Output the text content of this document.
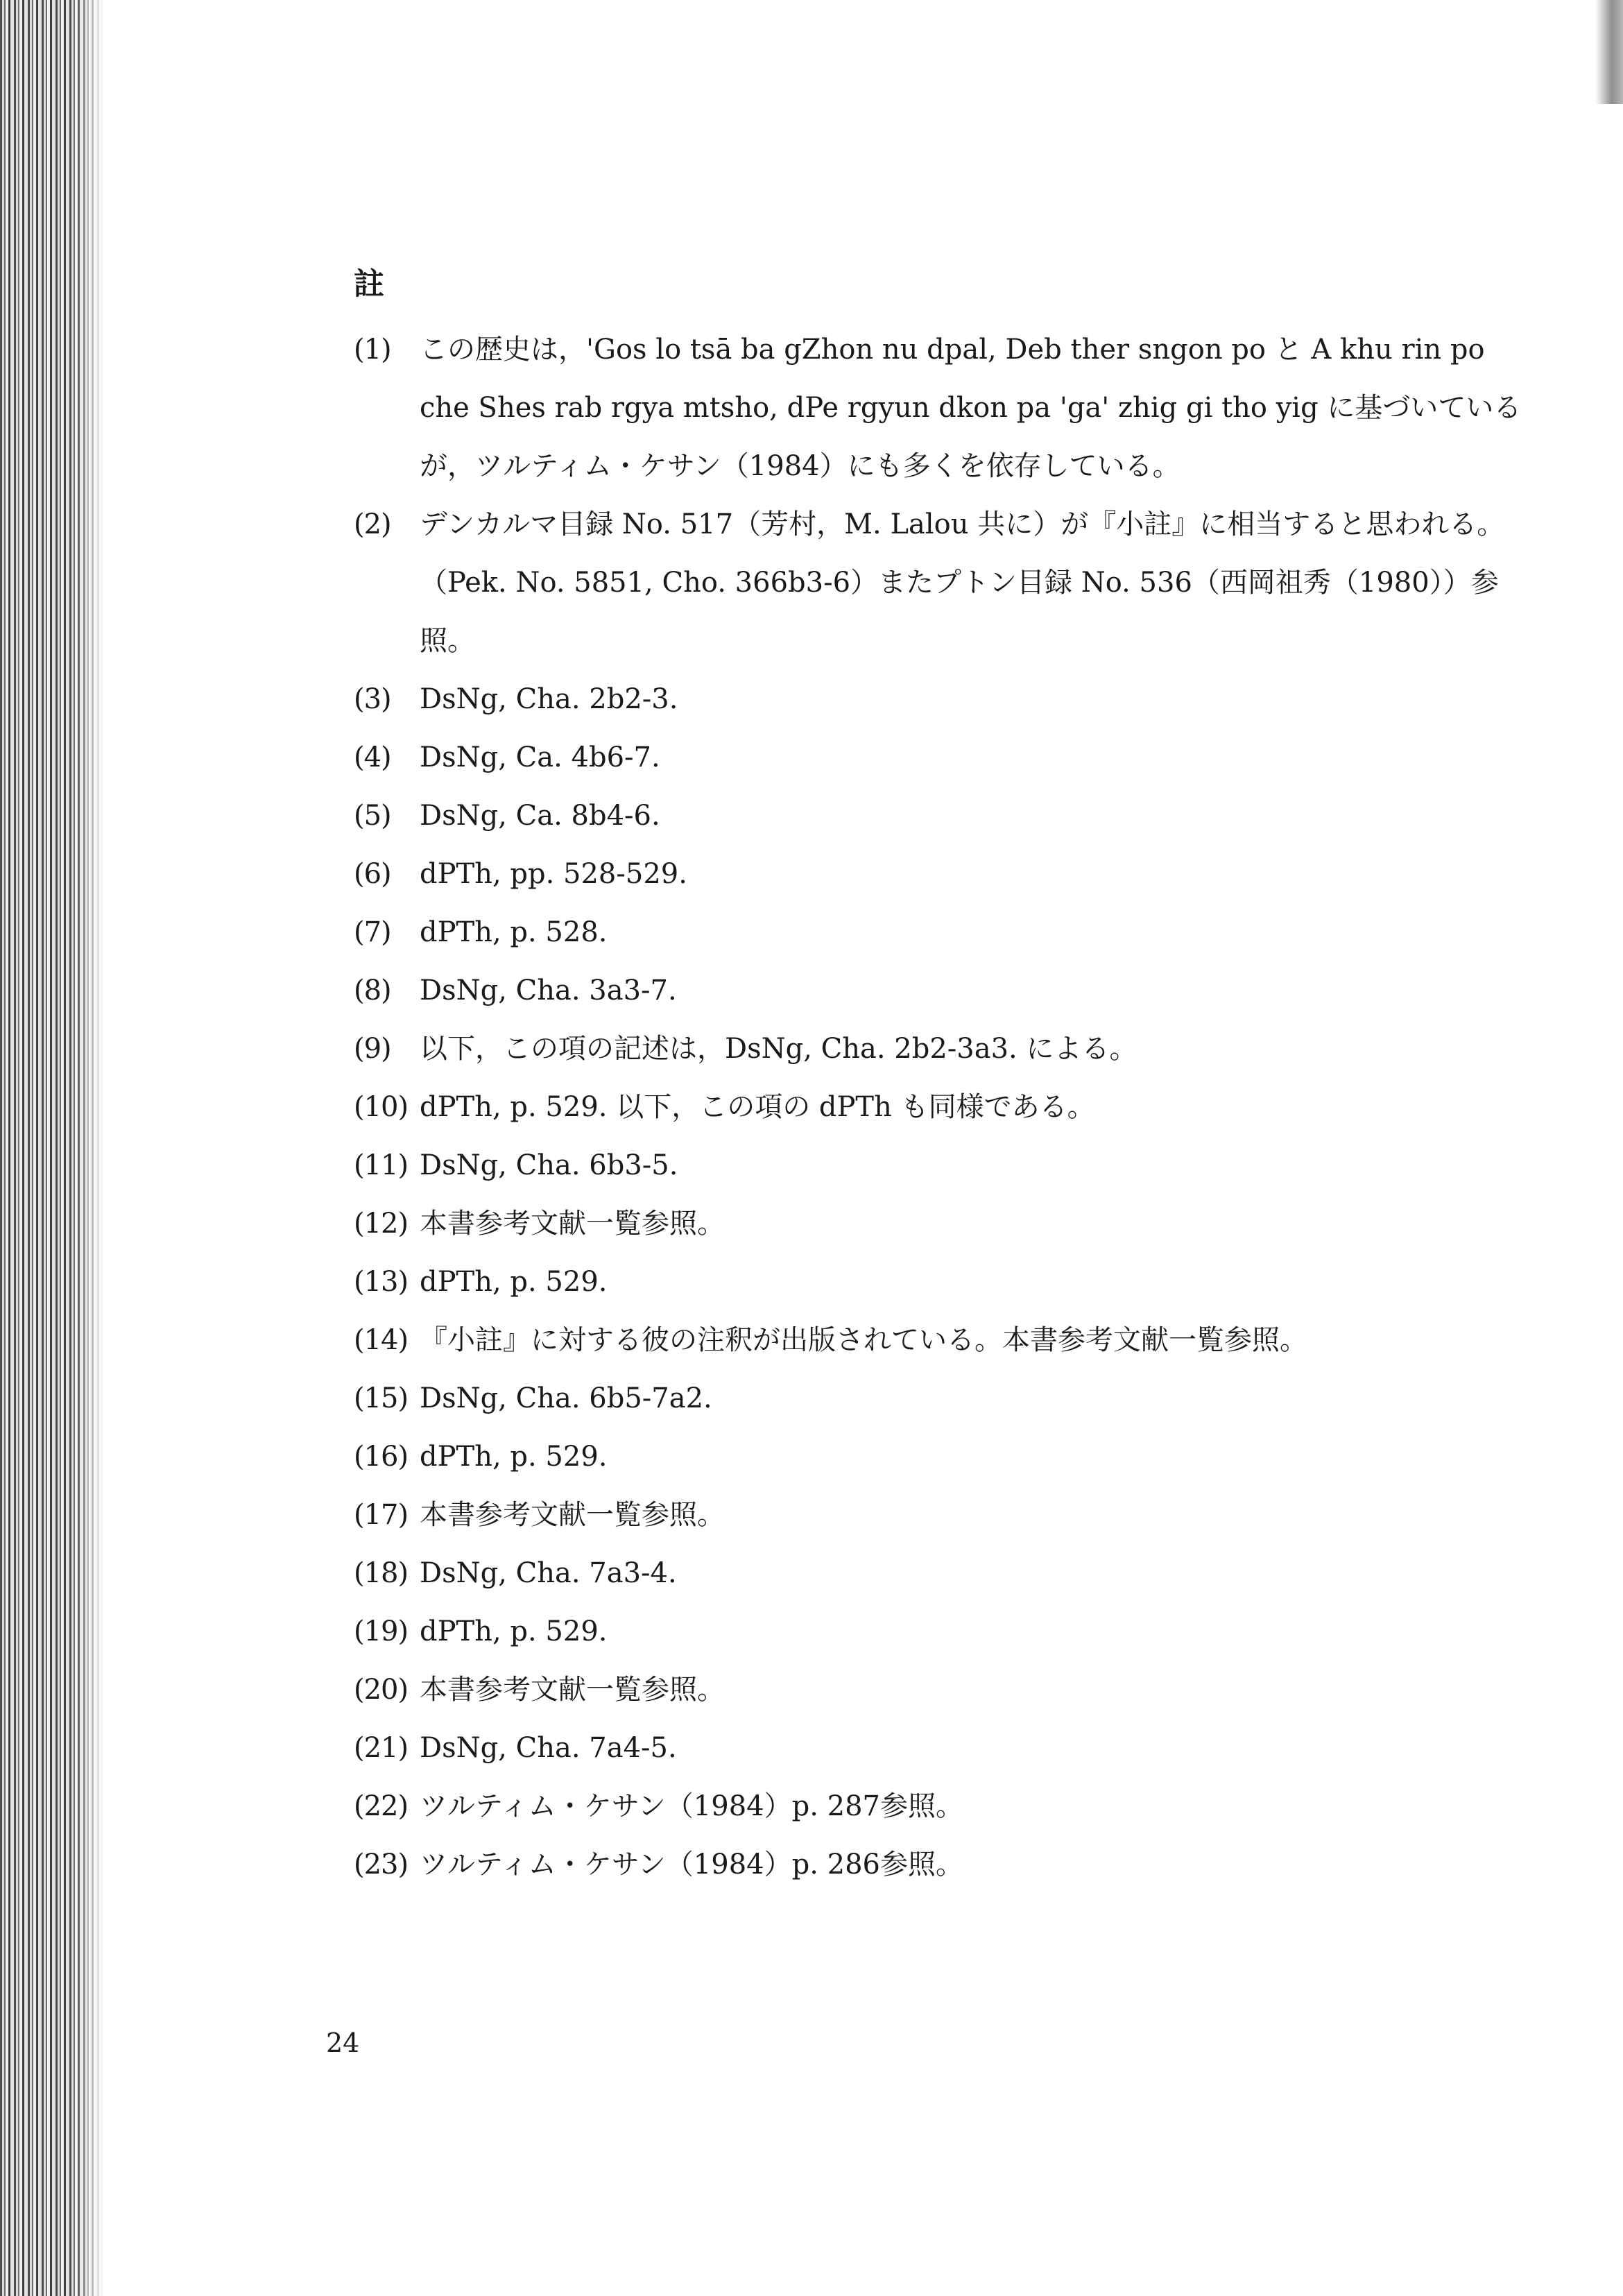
註
(1)	この歴史は，'Gos lo tsā ba gZhon nu dpal, Deb ther sngon po と A khu rin po che Shes rab rgya mtsho, dPe rgyun dkon pa 'ga' zhig gi tho yig に基づいているが，ツルティム・ケサン（1984）にも多くを依存している。
(2)	デンカルマ目録 No. 517（芳村，M. Lalou 共に）が『小註』に相当すると思われる。（Pek. No. 5851, Cho. 366b3-6）またプトン目録 No. 536（西岡祖秀（1980））参照。
(3)	DsNg, Cha. 2b2-3.
(4)	DsNg, Ca. 4b6-7.
(5)	DsNg, Ca. 8b4-6.
(6)	dPTh, pp. 528-529.
(7)	dPTh, p. 528.
(8)	DsNg, Cha. 3a3-7.
(9)	以下，この項の記述は，DsNg, Cha. 2b2-3a3. による。
(10) dPTh, p. 529. 以下，この項の dPTh も同様である。
(11) DsNg, Cha. 6b3-5.
(12) 本書参考文献一覧参照。
(13) dPTh, p. 529.
(14) 『小註』に対する彼の注釈が出版されている。本書参考文献一覧参照。
(15) DsNg, Cha. 6b5-7a2.
(16) dPTh, p. 529.
(17) 本書参考文献一覧参照。
(18) DsNg, Cha. 7a3-4.
(19) dPTh, p. 529.
(20) 本書参考文献一覧参照。
(21) DsNg, Cha. 7a4-5.
(22) ツルティム・ケサン（1984）p. 287参照。
(23) ツルティム・ケサン（1984）p. 286参照。
24
